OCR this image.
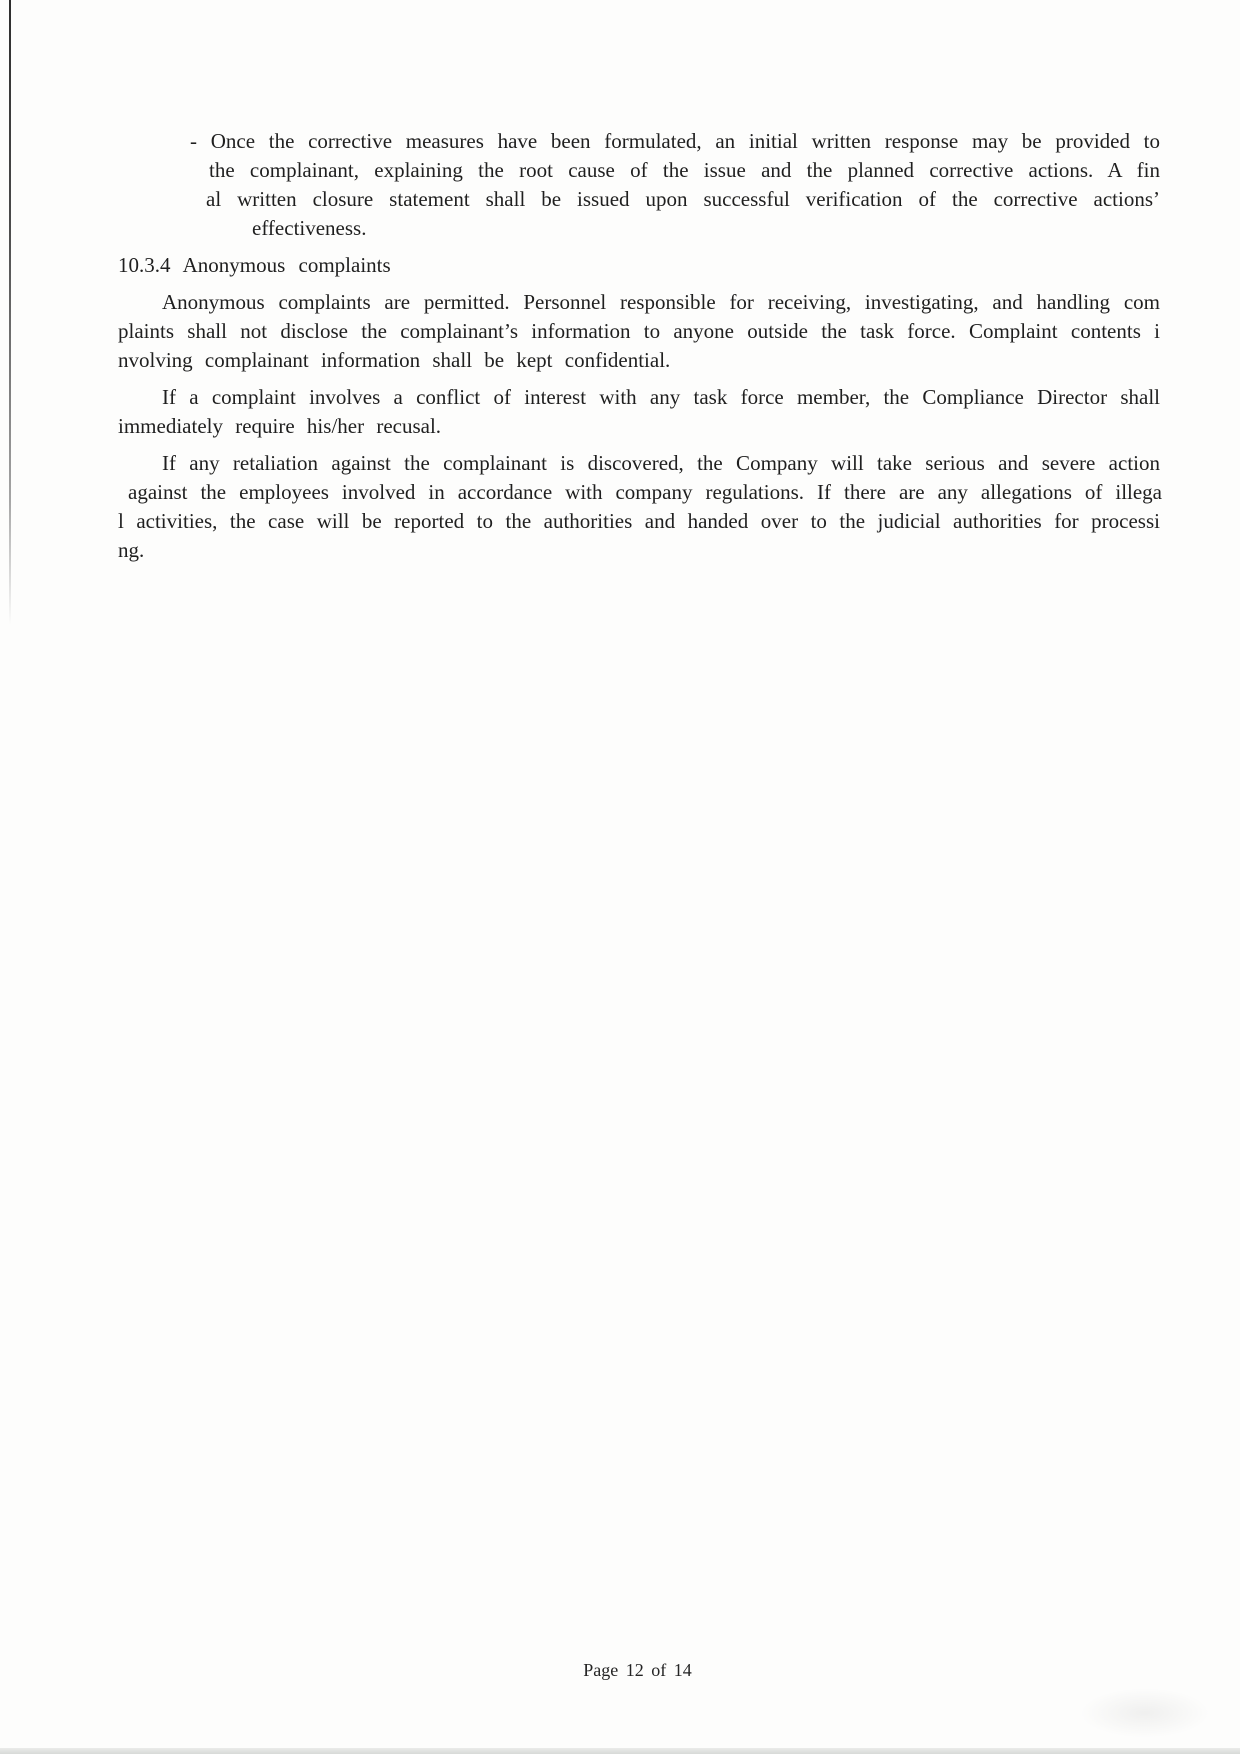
- Once the corrective measures have been formulated, an initial written response may be provided to
the complainant, explaining the root cause of the issue and the planned corrective actions. A fin
al written closure statement shall be issued upon successful verification of the corrective actions’
effectiveness.
10.3.4 Anonymous complaints
Anonymous complaints are permitted. Personnel responsible for receiving, investigating, and handling com
plaints shall not disclose the complainant’s information to anyone outside the task force. Complaint contents i
nvolving complainant information shall be kept confidential.
If a complaint involves a conflict of interest with any task force member, the Compliance Director shall
immediately require his/her recusal.
If any retaliation against the complainant is discovered, the Company will take serious and severe action
against the employees involved in accordance with company regulations. If there are any allegations of illega
l activities, the case will be reported to the authorities and handed over to the judicial authorities for processi
ng.
Page 12 of 14
